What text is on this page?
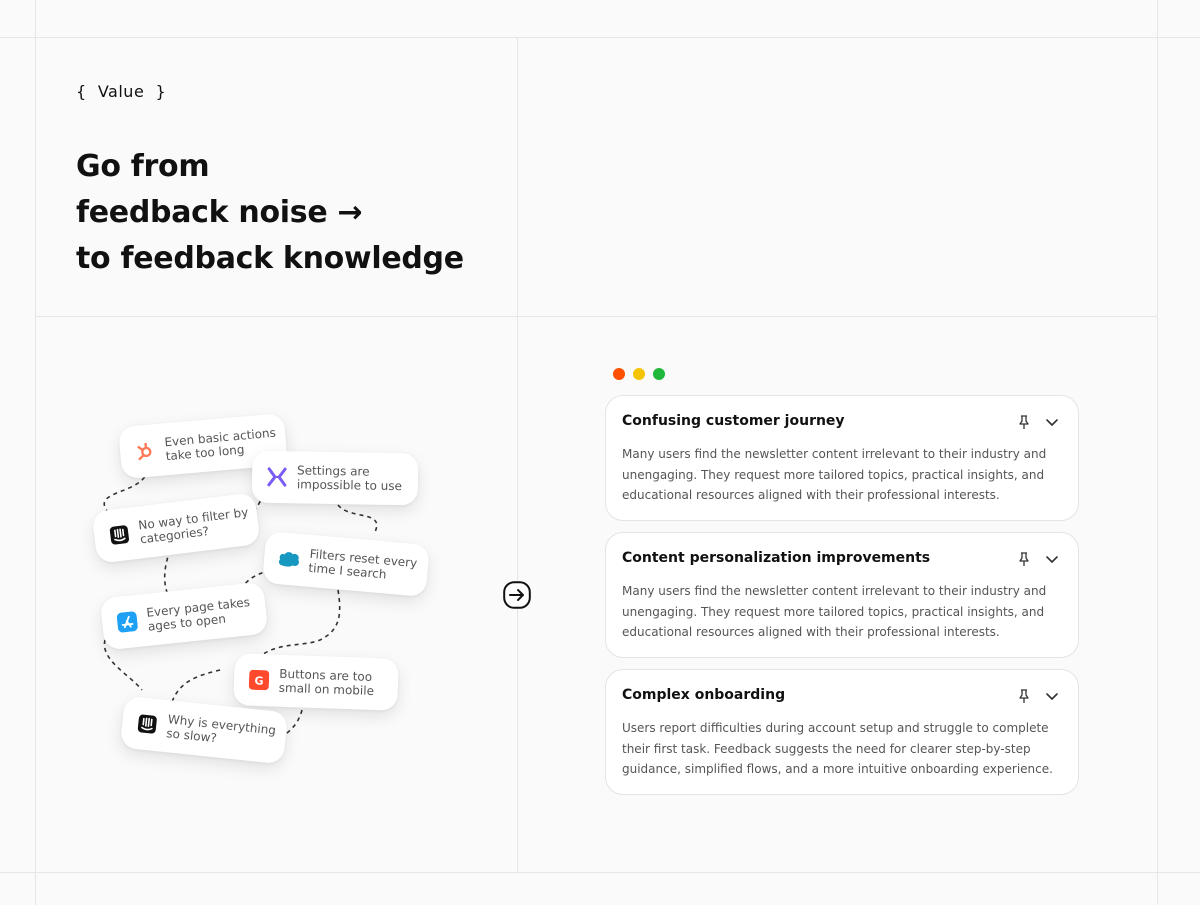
{  Value  }
Go from
feedback noise →
to feedback knowledge
Even basic actions
take too long
Settings are
impossible to use
No way to filter by
categories?
Filters reset every
time I search
Every page takes
ages to open
G Buttons are too
small on mobile
Why is everything
so slow?
Confusing customer journey
Many users find the newsletter content irrelevant to their industry and unengaging. They request more tailored topics, practical insights, and educational resources aligned with their professional interests.
Content personalization improvements
Many users find the newsletter content irrelevant to their industry and unengaging. They request more tailored topics, practical insights, and educational resources aligned with their professional interests.
Complex onboarding
Users report difficulties during account setup and struggle to complete their first task. Feedback suggests the need for clearer step-by-step guidance, simplified flows, and a more intuitive onboarding experience.
